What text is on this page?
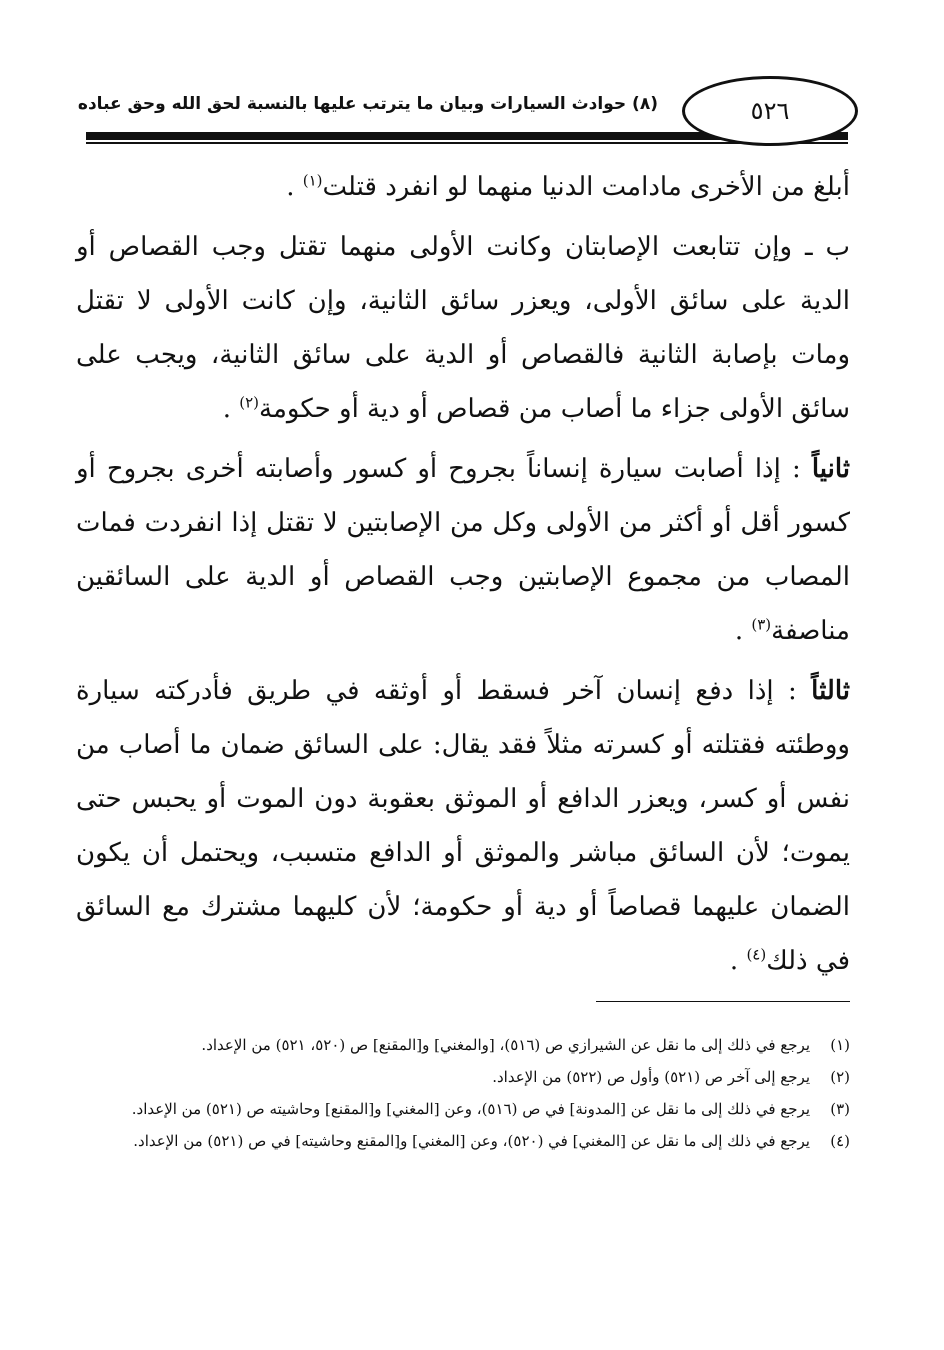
٥٢٦
(٨) حوادث السيارات وبيان ما يترتب عليها بالنسبة لحق الله وحق عباده

أبلغ من الأخرى مادامت الدنيا منهما لو انفرد قتلت$^{(١)}$ .

ب ـ وإن تتابعت الإصابتان وكانت الأولى منهما تقتل وجب القصاص أو الدية على سائق الأولى، ويعزر سائق الثانية، وإن كانت الأولى لا تقتل ومات بإصابة الثانية فالقصاص أو الدية على سائق الثانية، ويجب على سائق الأولى جزاء ما أصاب من قصاص أو دية أو حكومة$^{(٢)}$ .

ثانياً : إذا أصابت سيارة إنساناً بجروح أو كسور وأصابته أخرى بجروح أو كسور أقل أو أكثر من الأولى وكل من الإصابتين لا تقتل إذا انفردت فمات المصاب من مجموع الإصابتين وجب القصاص أو الدية على السائقين مناصفة$^{(٣)}$ .

ثالثاً : إذا دفع إنسان آخر فسقط أو أوثقه في طريق فأدركته سيارة ووطئته فقتلته أو كسرته مثلاً فقد يقال: على السائق ضمان ما أصاب من نفس أو كسر، ويعزر الدافع أو الموثق بعقوبة دون الموت أو يحبس حتى يموت؛ لأن السائق مباشر والموثق أو الدافع متسبب، ويحتمل أن يكون الضمان عليهما قصاصاً أو دية أو حكومة؛ لأن كليهما مشترك مع السائق في ذلك$^{(٤)}$ .

(١)
يرجع في ذلك إلى ما نقل عن الشيرازي ص (٥١٦)، [والمغني] و[المقنع] ص (٥٢٠، ٥٢١) من الإعداد.
(٢)
يرجع إلى آخر ص (٥٢١) وأول ص (٥٢٢) من الإعداد.
(٣)
يرجع في ذلك إلى ما نقل عن [المدونة] في ص (٥١٦)، وعن [المغني] و[المقنع] وحاشيته ص (٥٢١) من الإعداد.
(٤)
يرجع في ذلك إلى ما نقل عن [المغني] في (٥٢٠)، وعن [المغني] و[المقنع وحاشيته] في ص (٥٢١) من الإعداد.
